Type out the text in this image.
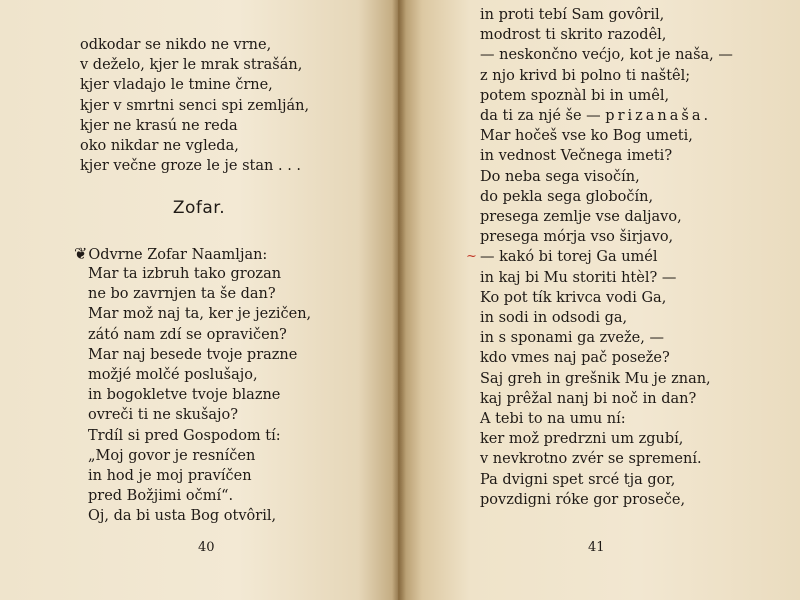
odkodar se nikdo ne vrne,
v deželo, kjer le mrak strašán,
kjer vladajo le tmine črne,
kjer v smrtni senci spi zemlján,
kjer ne krasú ne reda
oko nikdar ne vgleda,
kjer večne groze le je stan . . .
Zofar.
❦Odvrne Zofar Naamljan:
Mar ta izbruh tako grozan
ne bo zavrnjen ta še dan?
Mar mož naj ta, ker je jezičen,
zátó nam zdí se opravičen?
Mar naj besede tvoje prazne
možjé molčé poslušajo,
in bogokletve tvoje blazne
ovreči ti ne skušajo?
Trdíl si pred Gospodom tí:
„Moj govor je resníčen
in hod je moj pravíčen
pred Božjimi očmí“.
Oj, da bi usta Bog otvôril,
40
in proti tebí Sam govôril,
modrost ti skrito razodêl,
— neskončno većjo, kot je naša, —
z njo krivd bi polno ti naštêl;
potem spoznàl bi in umêl,
da ti za njé še — prizanaša.
Mar hočeš vse ko Bog umeti,
in vednost Večnega imeti?
Do neba sega visočín,
do pekla sega globočín,
presega zemlje vse daljavo,
presega mórja vso širjavo,
~ — kakó bi torej Ga umél
in kaj bi Mu storiti htèl? —
Ko pot tík krivca vodi Ga,
in sodi in odsodi ga,
in s sponami ga zveže, —
kdo vmes naj pač poseže?
Saj greh in grešnik Mu je znan,
kaj prêžal nanj bi noč in dan?
A tebi to na umu ní:
ker mož predrzni um zgubí,
v nevkrotno zvér se spremení.
Pa dvigni spet srcé tja gor,
povzdigni róke gor proseče,
41
